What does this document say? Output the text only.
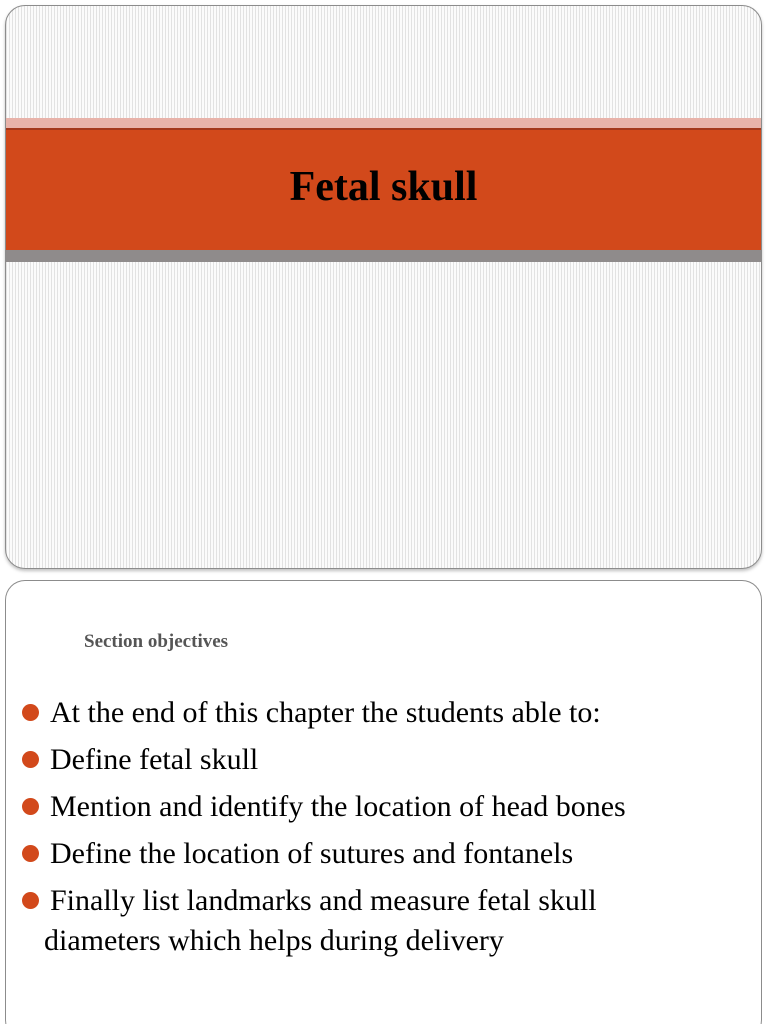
Fetal skull
Section objectives
At the end of this chapter the students able to:
Define fetal skull
Mention and identify the location of head bones
Define the location of sutures and fontanels
Finally list landmarks and measure fetal skull
diameters which helps during delivery
